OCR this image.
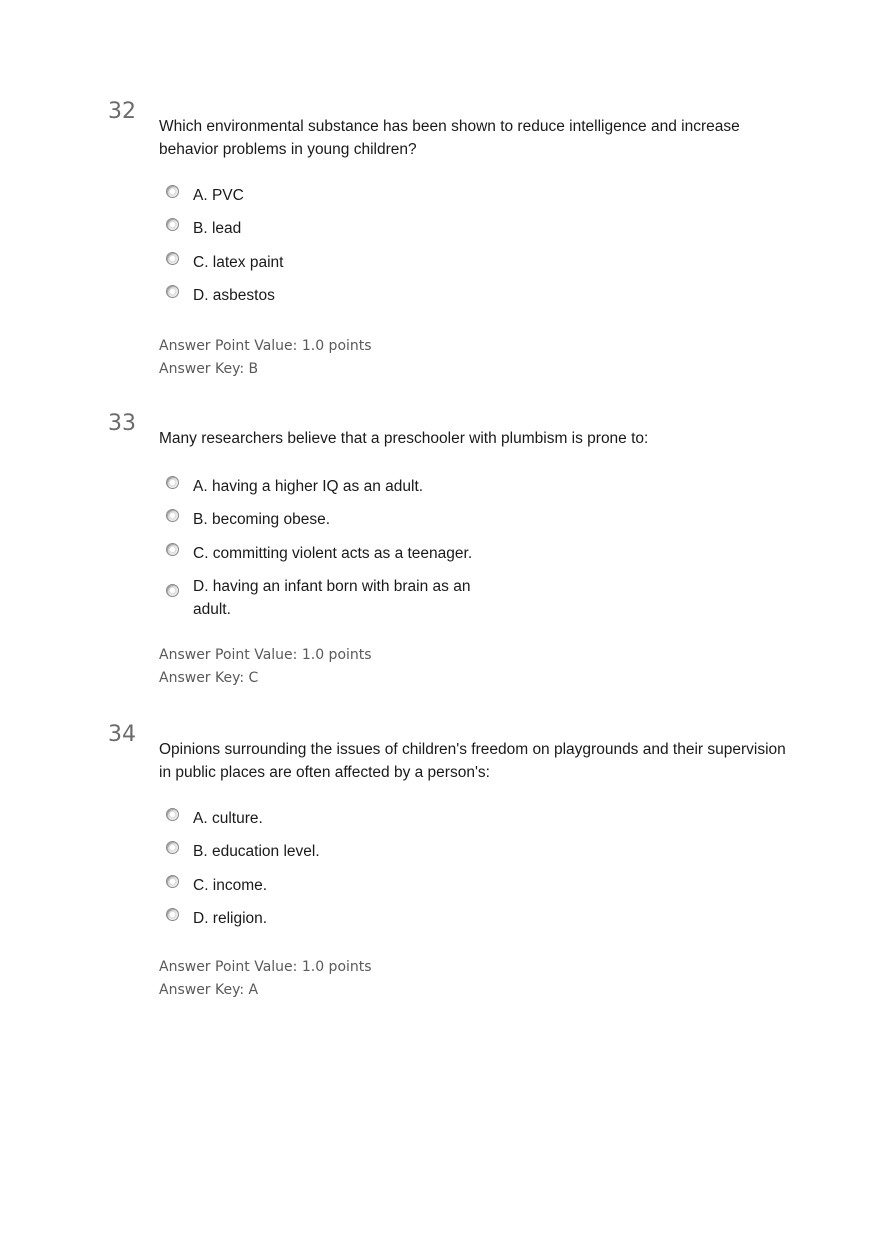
32
Which environmental substance has been shown to reduce intelligence and increase behavior problems in young children?
A. PVC
B. lead
C. latex paint
D. asbestos
Answer Point Value: 1.0 points
Answer Key: B
33
Many researchers believe that a preschooler with plumbism is prone to:
A. having a higher IQ as an adult.
B. becoming obese.
C. committing violent acts as a teenager.
D. having an infant born with brain as an adult.
Answer Point Value: 1.0 points
Answer Key: C
34
Opinions surrounding the issues of children's freedom on playgrounds and their supervision in public places are often affected by a person's:
A. culture.
B. education level.
C. income.
D. religion.
Answer Point Value: 1.0 points
Answer Key: A
